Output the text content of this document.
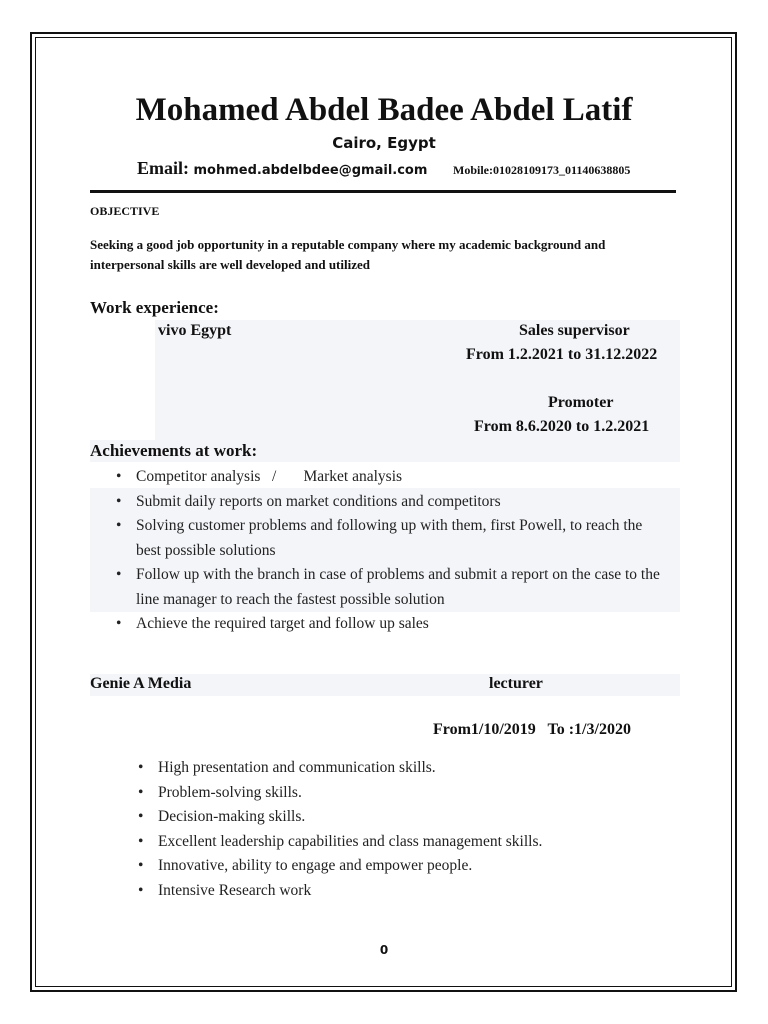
Mohamed Abdel Badee Abdel Latif
Cairo, Egypt
Email: mohmed.abdelbdee@gmail.com Mobile:01028109173_01140638805
OBJECTIVE
Seeking a good job opportunity in a reputable company where my academic background and interpersonal skills are well developed and utilized
Work experience:
vivo Egypt	Sales supervisor
From 1.2.2021 to 31.12.2022
Promoter
From 8.6.2020 to 1.2.2021
Achievements at work:
• Competitor analysis   /       Market analysis
• Submit daily reports on market conditions and competitors
• Solving customer problems and following up with them, first Powell, to reach the best possible solutions
• Follow up with the branch in case of problems and submit a report on the case to the line manager to reach the fastest possible solution
• Achieve the required target and follow up sales
Genie A Media	lecturer
From1/10/2019   To :1/3/2020
• High presentation and communication skills.
• Problem-solving skills.
• Decision-making skills.
• Excellent leadership capabilities and class management skills.
• Innovative, ability to engage and empower people.
• Intensive Research work
0
